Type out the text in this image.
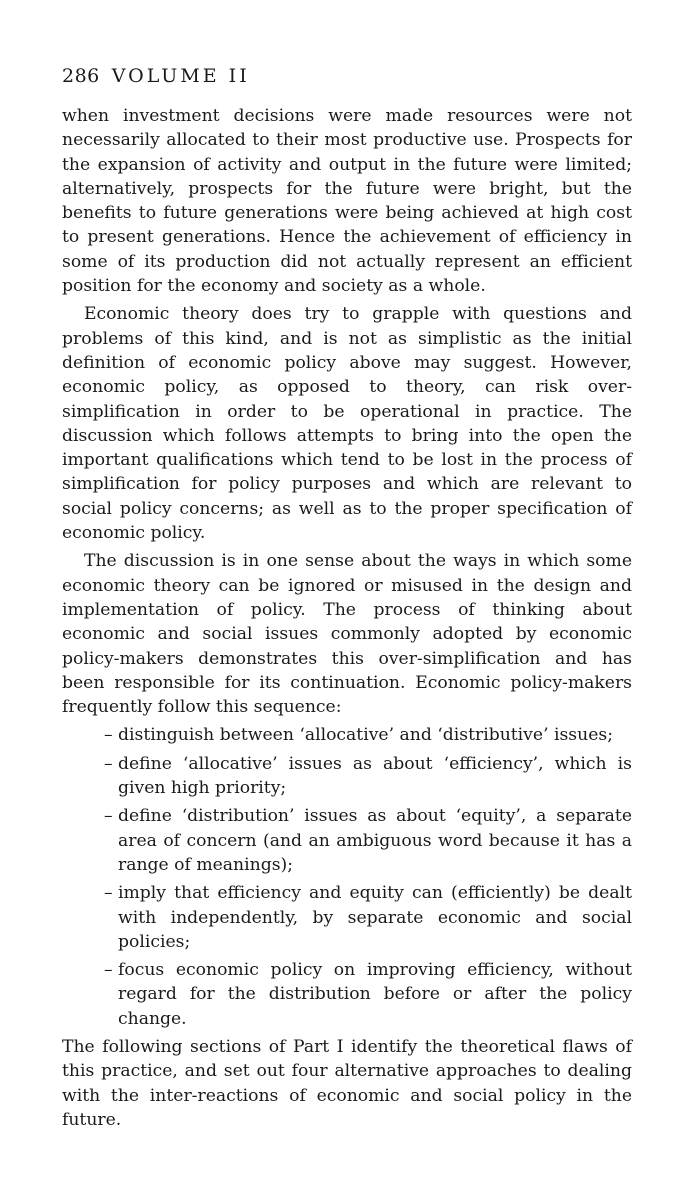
286 VOLUME II

when investment decisions were made resources were not necessarily allocated to their most productive use. Prospects for the expansion of activity and output in the future were limited; alternatively, prospects for the future were bright, but the benefits to future generations were being achieved at high cost to present generations. Hence the achievement of efficiency in some of its production did not actually represent an efficient position for the economy and society as a whole.

Economic theory does try to grapple with questions and problems of this kind, and is not as simplistic as the initial definition of economic policy above may suggest. However, economic policy, as opposed to theory, can risk over-simplification in order to be operational in practice. The discussion which follows attempts to bring into the open the important qualifications which tend to be lost in the process of simplification for policy purposes and which are relevant to social policy concerns; as well as to the proper specification of economic policy.

The discussion is in one sense about the ways in which some economic theory can be ignored or misused in the design and implementation of policy. The process of thinking about economic and social issues commonly adopted by economic policy-makers demonstrates this over-simplification and has been responsible for its continuation. Economic policy-makers frequently follow this sequence:

– distinguish between ‘allocative’ and ‘distributive’ issues;
– define ‘allocative’ issues as about ‘efficiency’, which is given high priority;
– define ‘distribution’ issues as about ‘equity’, a separate area of concern (and an ambiguous word because it has a range of meanings);
– imply that efficiency and equity can (efficiently) be dealt with independently, by separate economic and social policies;
– focus economic policy on improving efficiency, without regard for the distribution before or after the policy change.

The following sections of Part I identify the theoretical flaws of this practice, and set out four alternative approaches to dealing with the inter-reactions of economic and social policy in the future.
